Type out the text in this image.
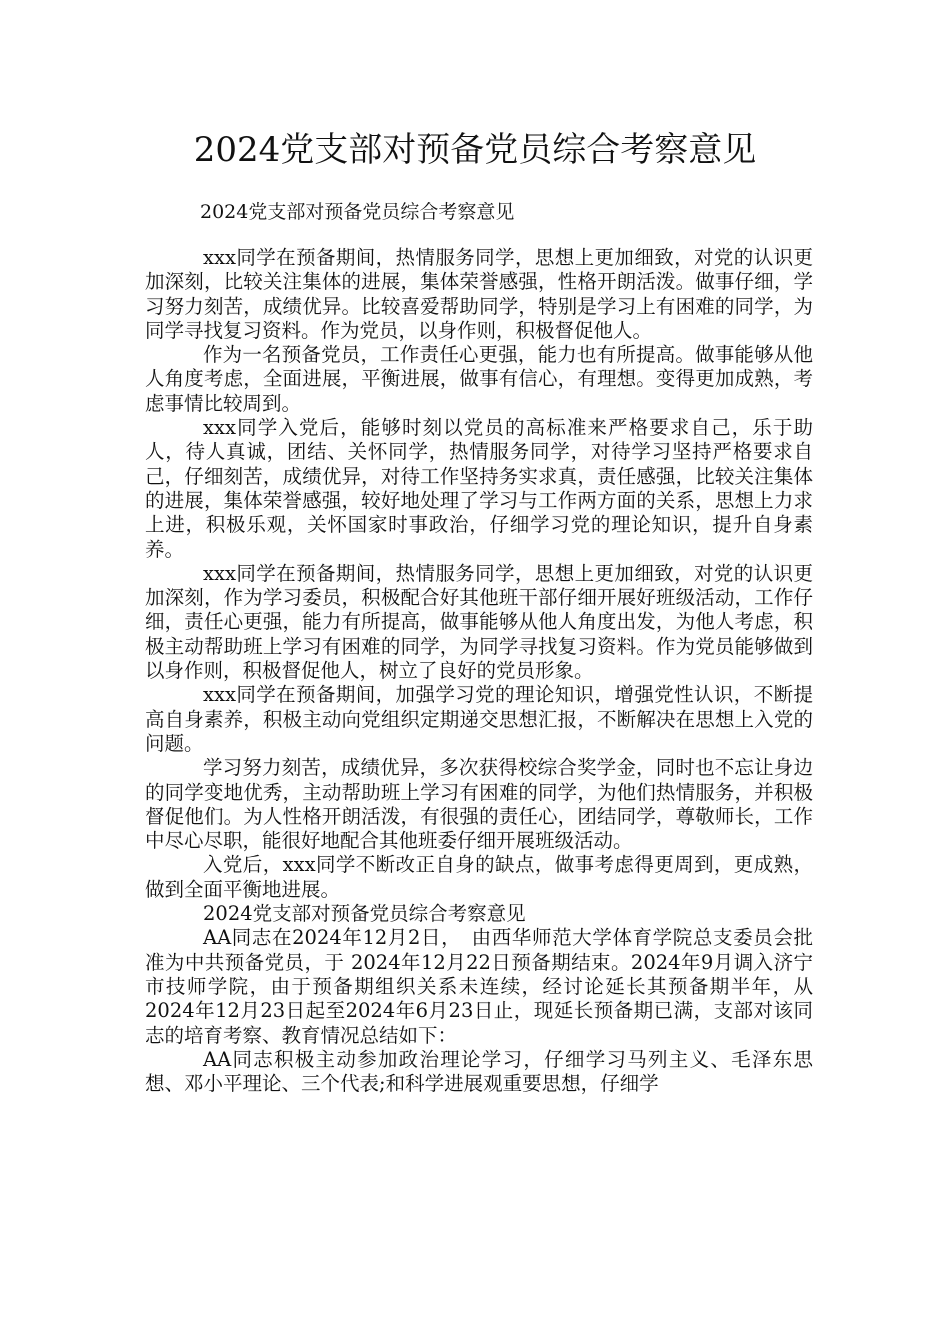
2024党支部对预备党员综合考察意见

2024党支部对预备党员综合考察意见

xxx同学在预备期间，热情服务同学，思想上更加细致，对党的认识更加深刻，比较关注集体的进展，集体荣誉感强，性格开朗活泼。做事仔细，学习努力刻苦，成绩优异。比较喜爱帮助同学，特别是学习上有困难的同学，为同学寻找复习资料。作为党员，以身作则，积极督促他人。

作为一名预备党员，工作责任心更强，能力也有所提高。做事能够从他人角度考虑，全面进展，平衡进展，做事有信心，有理想。变得更加成熟，考虑事情比较周到。

xxx同学入党后，能够时刻以党员的高标准来严格要求自己，乐于助人，待人真诚，团结、关怀同学，热情服务同学，对待学习坚持严格要求自己，仔细刻苦，成绩优异，对待工作坚持务实求真，责任感强，比较关注集体的进展，集体荣誉感强，较好地处理了学习与工作两方面的关系，思想上力求上进，积极乐观，关怀国家时事政治，仔细学习党的理论知识，提升自身素养。

xxx同学在预备期间，热情服务同学，思想上更加细致，对党的认识更加深刻，作为学习委员，积极配合好其他班干部仔细开展好班级活动，工作仔细，责任心更强，能力有所提高，做事能够从他人角度出发，为他人考虑，积极主动帮助班上学习有困难的同学，为同学寻找复习资料。作为党员能够做到以身作则，积极督促他人，树立了良好的党员形象。

xxx同学在预备期间，加强学习党的理论知识，增强党性认识，不断提高自身素养，积极主动向党组织定期递交思想汇报，不断解决在思想上入党的问题。

学习努力刻苦，成绩优异，多次获得校综合奖学金，同时也不忘让身边的同学变地优秀，主动帮助班上学习有困难的同学，为他们热情服务，并积极督促他们。为人性格开朗活泼，有很强的责任心，团结同学，尊敬师长，工作中尽心尽职，能很好地配合其他班委仔细开展班级活动。

入党后，xxx同学不断改正自身的缺点，做事考虑得更周到，更成熟，做到全面平衡地进展。

2024党支部对预备党员综合考察意见

AA同志在2024年12月2日，　由西华师范大学体育学院总支委员会批准为中共预备党员，于 2024年12月22日预备期结束。2024年9月调入济宁市技师学院，由于预备期组织关系未连续，经讨论延长其预备期半年，从2024年12月23日起至2024年6月23日止，现延长预备期已满，支部对该同志的培育考察、教育情况总结如下：

AA同志积极主动参加政治理论学习，仔细学习马列主义、毛泽东思想、邓小平理论、三个代表;和科学进展观重要思想，仔细学
